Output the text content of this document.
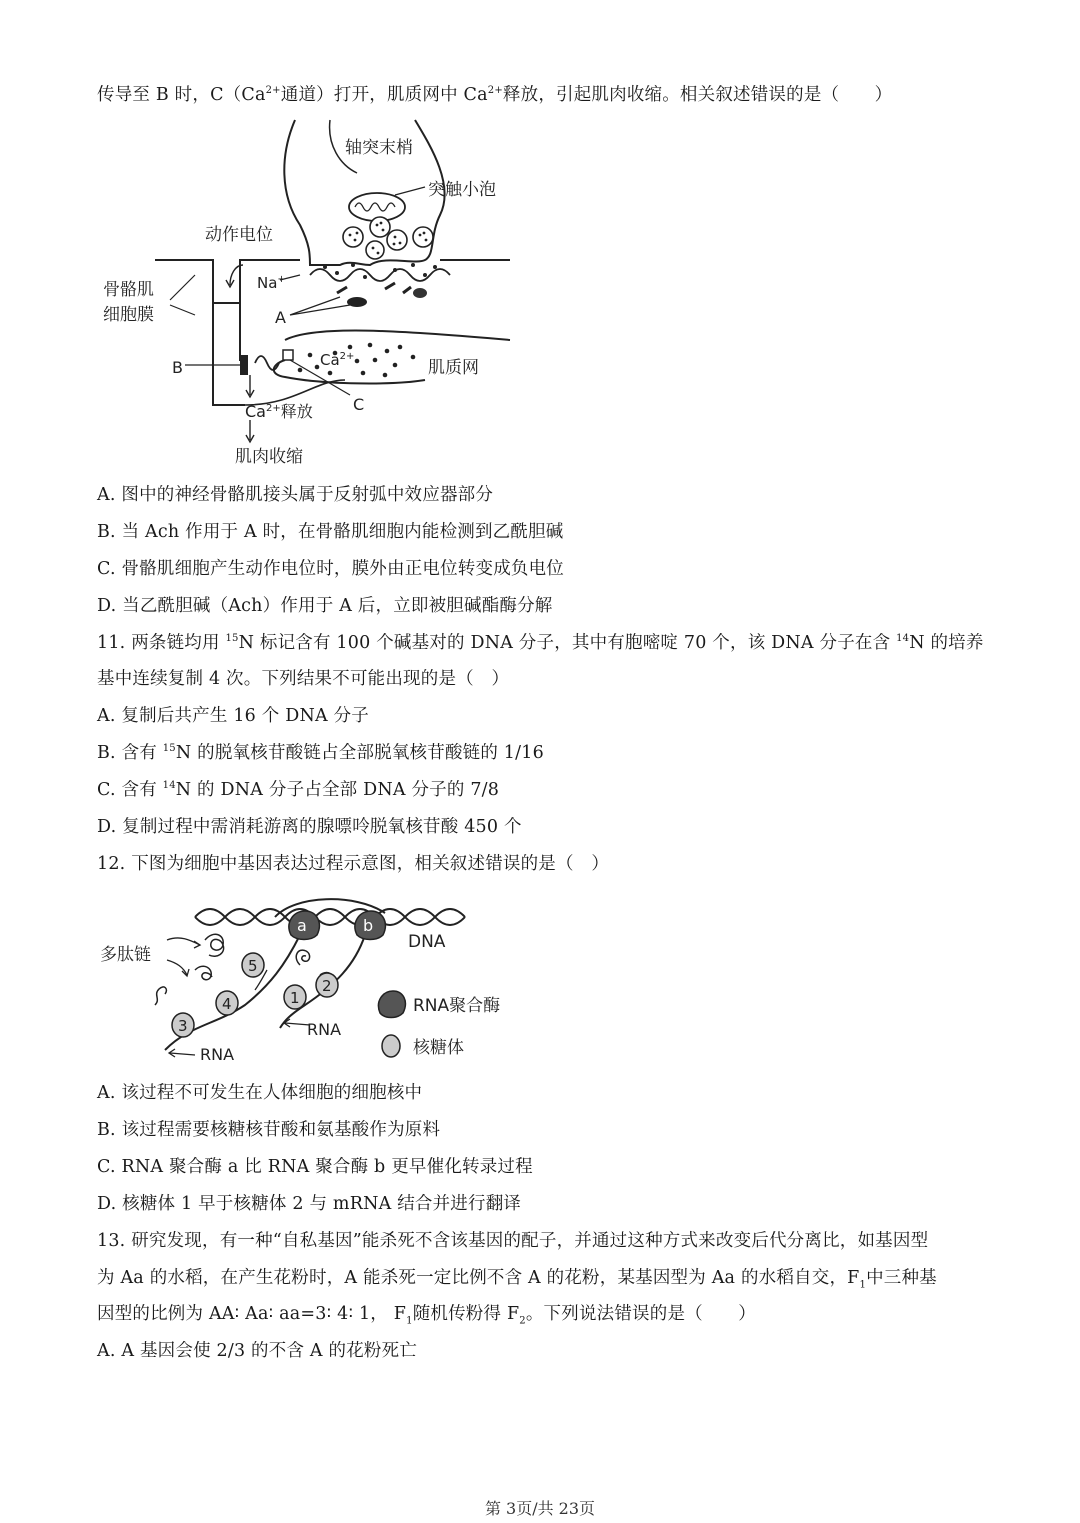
传导至 B 时，$C(Ca^{2+}$通道）打开，肌质网中 $Ca^{2+}$释放，引起肌肉收缩。相关叙述错误的是（　　）
轴突末梢
突触小泡
动作电位
骨骼肌
细胞膜
Na+
A
B
C
$Ca^{2+}$
肌质网
$Ca^{2+}$释放
肌肉收缩
A. 图中的神经骨骼肌接头属于反射弧中效应器部分
B. 当 Ach 作用于 A 时，在骨骼肌细胞内能检测到乙酰胆碱
C. 骨骼肌细胞产生动作电位时，膜外由正电位转变成负电位
D. 当乙酰胆碱（Ach）作用于 A 后，立即被胆碱酯酶分解
11. 两条链均用 $^{15}$N 标记含有 100 个碱基对的 DNA 分子，其中有胞嘧啶 70 个，该 DNA 分子在含 $^{14}$N 的培养
基中连续复制 4 次。下列结果不可能出现的是（　）
A. 复制后共产生 16 个 DNA 分子
B. 含有 $^{15}$N 的脱氧核苷酸链占全部脱氧核苷酸链的 1/16
C. 含有 $^{14}$N 的 DNA 分子占全部 DNA 分子的 7/8
D. 复制过程中需消耗游离的腺嘌呤脱氧核苷酸 450 个
12. 下图为细胞中基因表达过程示意图，相关叙述错误的是（　）
a	b
5
4
3
1
2
DNA
多肽链
RNA
RNA
RNA聚合酶
核糖体
A. 该过程不可发生在人体细胞的细胞核中
B. 该过程需要核糖核苷酸和氨基酸作为原料
C. RNA 聚合酶 a 比 RNA 聚合酶 b 更早催化转录过程
D. 核糖体 1 早于核糖体 2 与 mRNA 结合并进行翻译
13. 研究发现，有一种“自私基因”能杀死不含该基因的配子，并通过这种方式来改变后代分离比，如基因型
为 Aa 的水稻，在产生花粉时，A 能杀死一定比例不含 A 的花粉，某基因型为 Aa 的水稻自交，$F_1$中三种基
因型的比例为 AA∶ Aa∶ aa=3∶ 4∶ 1， $F_1$随机传粉得 $F_2$。下列说法错误的是（　　）
A. A 基因会使 2/3 的不含 A 的花粉死亡
第 3页/共 23页
